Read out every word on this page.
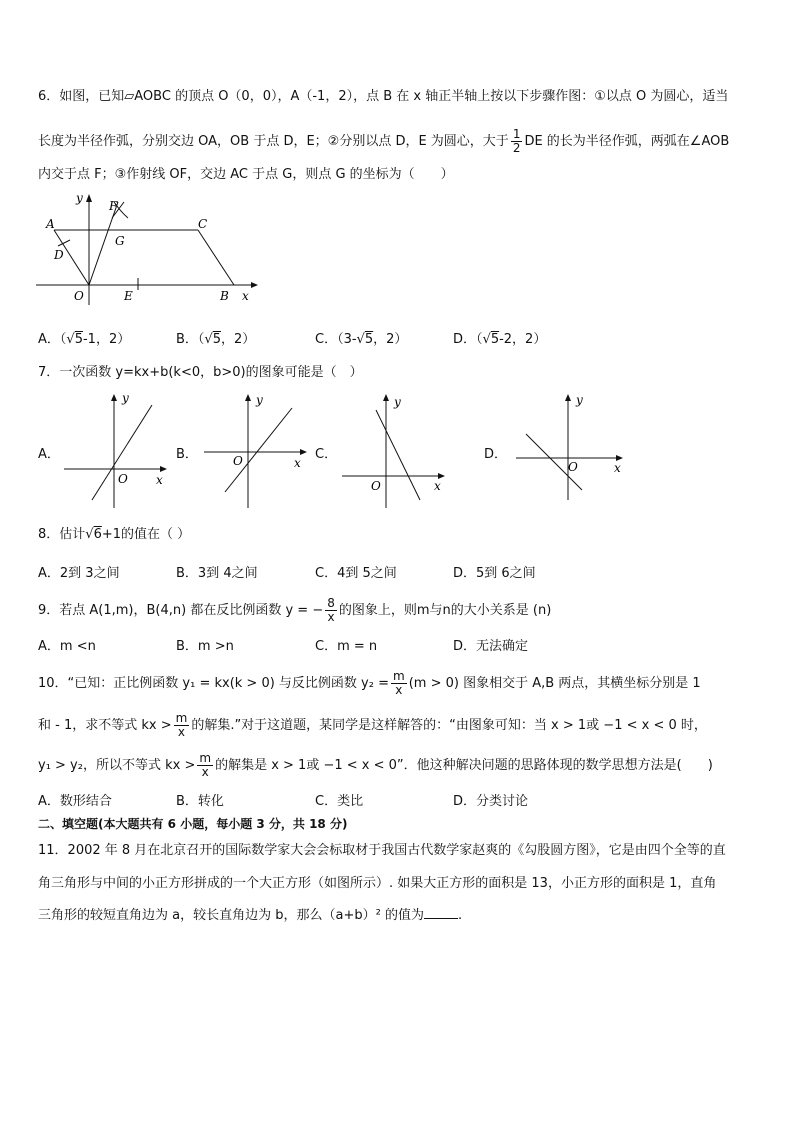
6．如图，已知▱AOBC 的顶点 O（0，0），A（-1，2），点 B 在 x 轴正半轴上按以下步骤作图：①以点 O 为圆心，适当
长度为半径作弧，分别交边 OA，OB 于点 D，E；②分别以点 D，E 为圆心，大于 $\frac{1}{2}$ DE 的长为半径作弧，两弧在∠AOB
内交于点 F；③作射线 OF，交边 AC 于点 G，则点 G 的坐标为（　　）
y
F
A	C
G
D
O	E	B x
A．（√5-1，2）	B．（√5，2）	C．（3-√5，2）	D．（√5-2，2）
7．一次函数 y=kx+b(k<0，b>0)的图象可能是（　）
A．
y
O x
B．
y
O	x
C．
y
O	x
D．
y
O	x
8．估计√6+1的值在（ ）
A．2到 3之间	B．3到 4之间	C．4到 5之间	D．5到 6之间
9．若点 A(1,m)，B(4,n) 都在反比例函数 y = − $\frac{8}{x}$ 的图象上，则m与n的大小关系是 (n)
A．m <n	B．m >n	C．m = n	D．无法确定
10．“已知：正比例函数 y₁ = kx(k > 0) 与反比例函数 $y_2 = \frac{m}{x} (m > 0)$ 图象相交于 A,B 两点，其横坐标分别是 1
和 - 1，求不等式 kx > $\frac{m}{x}$ 的解集.”对于这道题，某同学是这样解答的：“由图象可知：当 x > 1或 −1 < x < 0 时，
y₁ > y₂，所以不等式 kx > $\frac{m}{x}$ 的解集是 x > 1或 −1 < x < 0”．他这种解决问题的思路体现的数学思想方法是(　　)
A．数形结合	B．转化	C．类比	D．分类讨论
二、填空题(本大题共有 6 小题，每小题 3 分，共 18 分)
11．2002 年 8 月在北京召开的国际数学家大会会标取材于我国古代数学家赵爽的《勾股圆方图》，它是由四个全等的直
角三角形与中间的小正方形拼成的一个大正方形（如图所示）. 如果大正方形的面积是 13，小正方形的面积是 1，直角
三角形的较短直角边为 a，较长直角边为 b，那么（a+b）² 的值为	.
